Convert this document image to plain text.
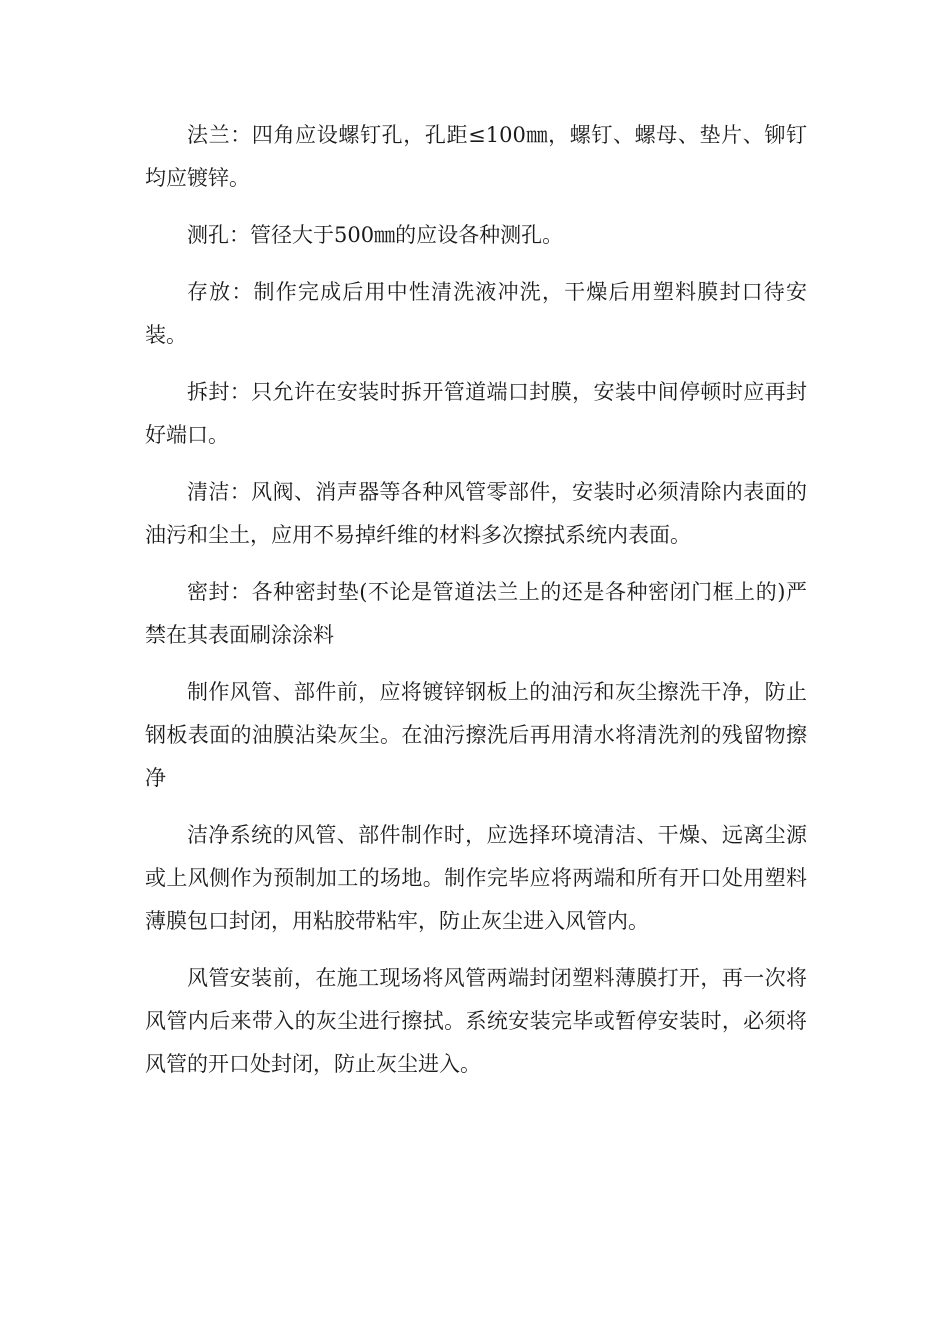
法兰：四角应设螺钉孔，孔距≤100㎜，螺钉、螺母、垫片、铆钉均应镀锌。

测孔：管径大于500㎜的应设各种测孔。

存放：制作完成后用中性清洗液冲洗，干燥后用塑料膜封口待安装。

拆封：只允许在安装时拆开管道端口封膜，安装中间停顿时应再封好端口。

清洁：风阀、消声器等各种风管零部件，安装时必须清除内表面的油污和尘土，应用不易掉纤维的材料多次擦拭系统内表面。

密封：各种密封垫(不论是管道法兰上的还是各种密闭门框上的)严禁在其表面刷涂涂料

制作风管、部件前，应将镀锌钢板上的油污和灰尘擦洗干净，防止钢板表面的油膜沾染灰尘。在油污擦洗后再用清水将清洗剂的残留物擦净

洁净系统的风管、部件制作时，应选择环境清洁、干燥、远离尘源或上风侧作为预制加工的场地。制作完毕应将两端和所有开口处用塑料薄膜包口封闭，用粘胶带粘牢，防止灰尘进入风管内。

风管安装前，在施工现场将风管两端封闭塑料薄膜打开，再一次将风管内后来带入的灰尘进行擦拭。系统安装完毕或暂停安装时，必须将风管的开口处封闭，防止灰尘进入。
